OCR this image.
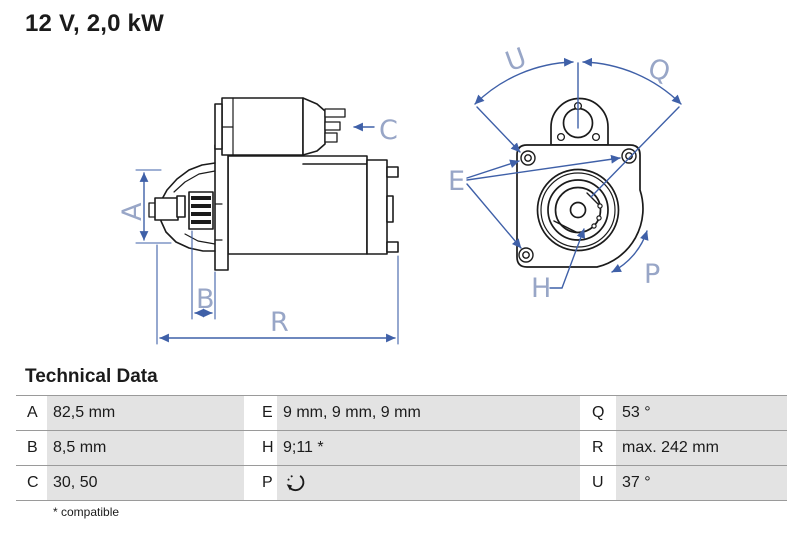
12 V, 2,0 kW
A
B
R
C
U	Q
E
H	P
Technical Data
A 82,5 mm	E 9 mm, 9 mm, 9 mm	Q	53 °
B 8,5 mm	H 9;11 *	R	max. 242 mm
C 30, 50	P	U	37 °
* compatible
